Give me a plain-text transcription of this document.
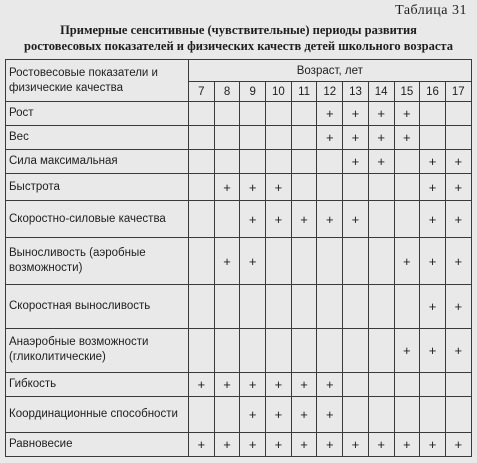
Таблица 31
Примерные сенситивные (чувствительные) периоды развития
ростовесовых показателей и физических качеств детей школьного возраста
Ростовесовые показатели и физические качества	Возраст, лет										
	7	8	9	10	11	12	13	14	15	16	17
Рост						+	+	+	+		
Вес						+	+	+	+		
Сила максимальная							+	+		+	+
Быстрота		+	+	+						+	+
Скоростно-силовые качества			+	+	+	+	+			+	+
Выносливость (аэробные возможности)		+	+						+	+	+
Скоростная выносливость										+	+
Анаэробные возможности (гликолитические)									+	+	+
Гибкость	+	+	+	+	+	+					
Координационные способности			+	+	+	+					
Равновесие	+	+	+	+	+	+	+	+	+	+	+
